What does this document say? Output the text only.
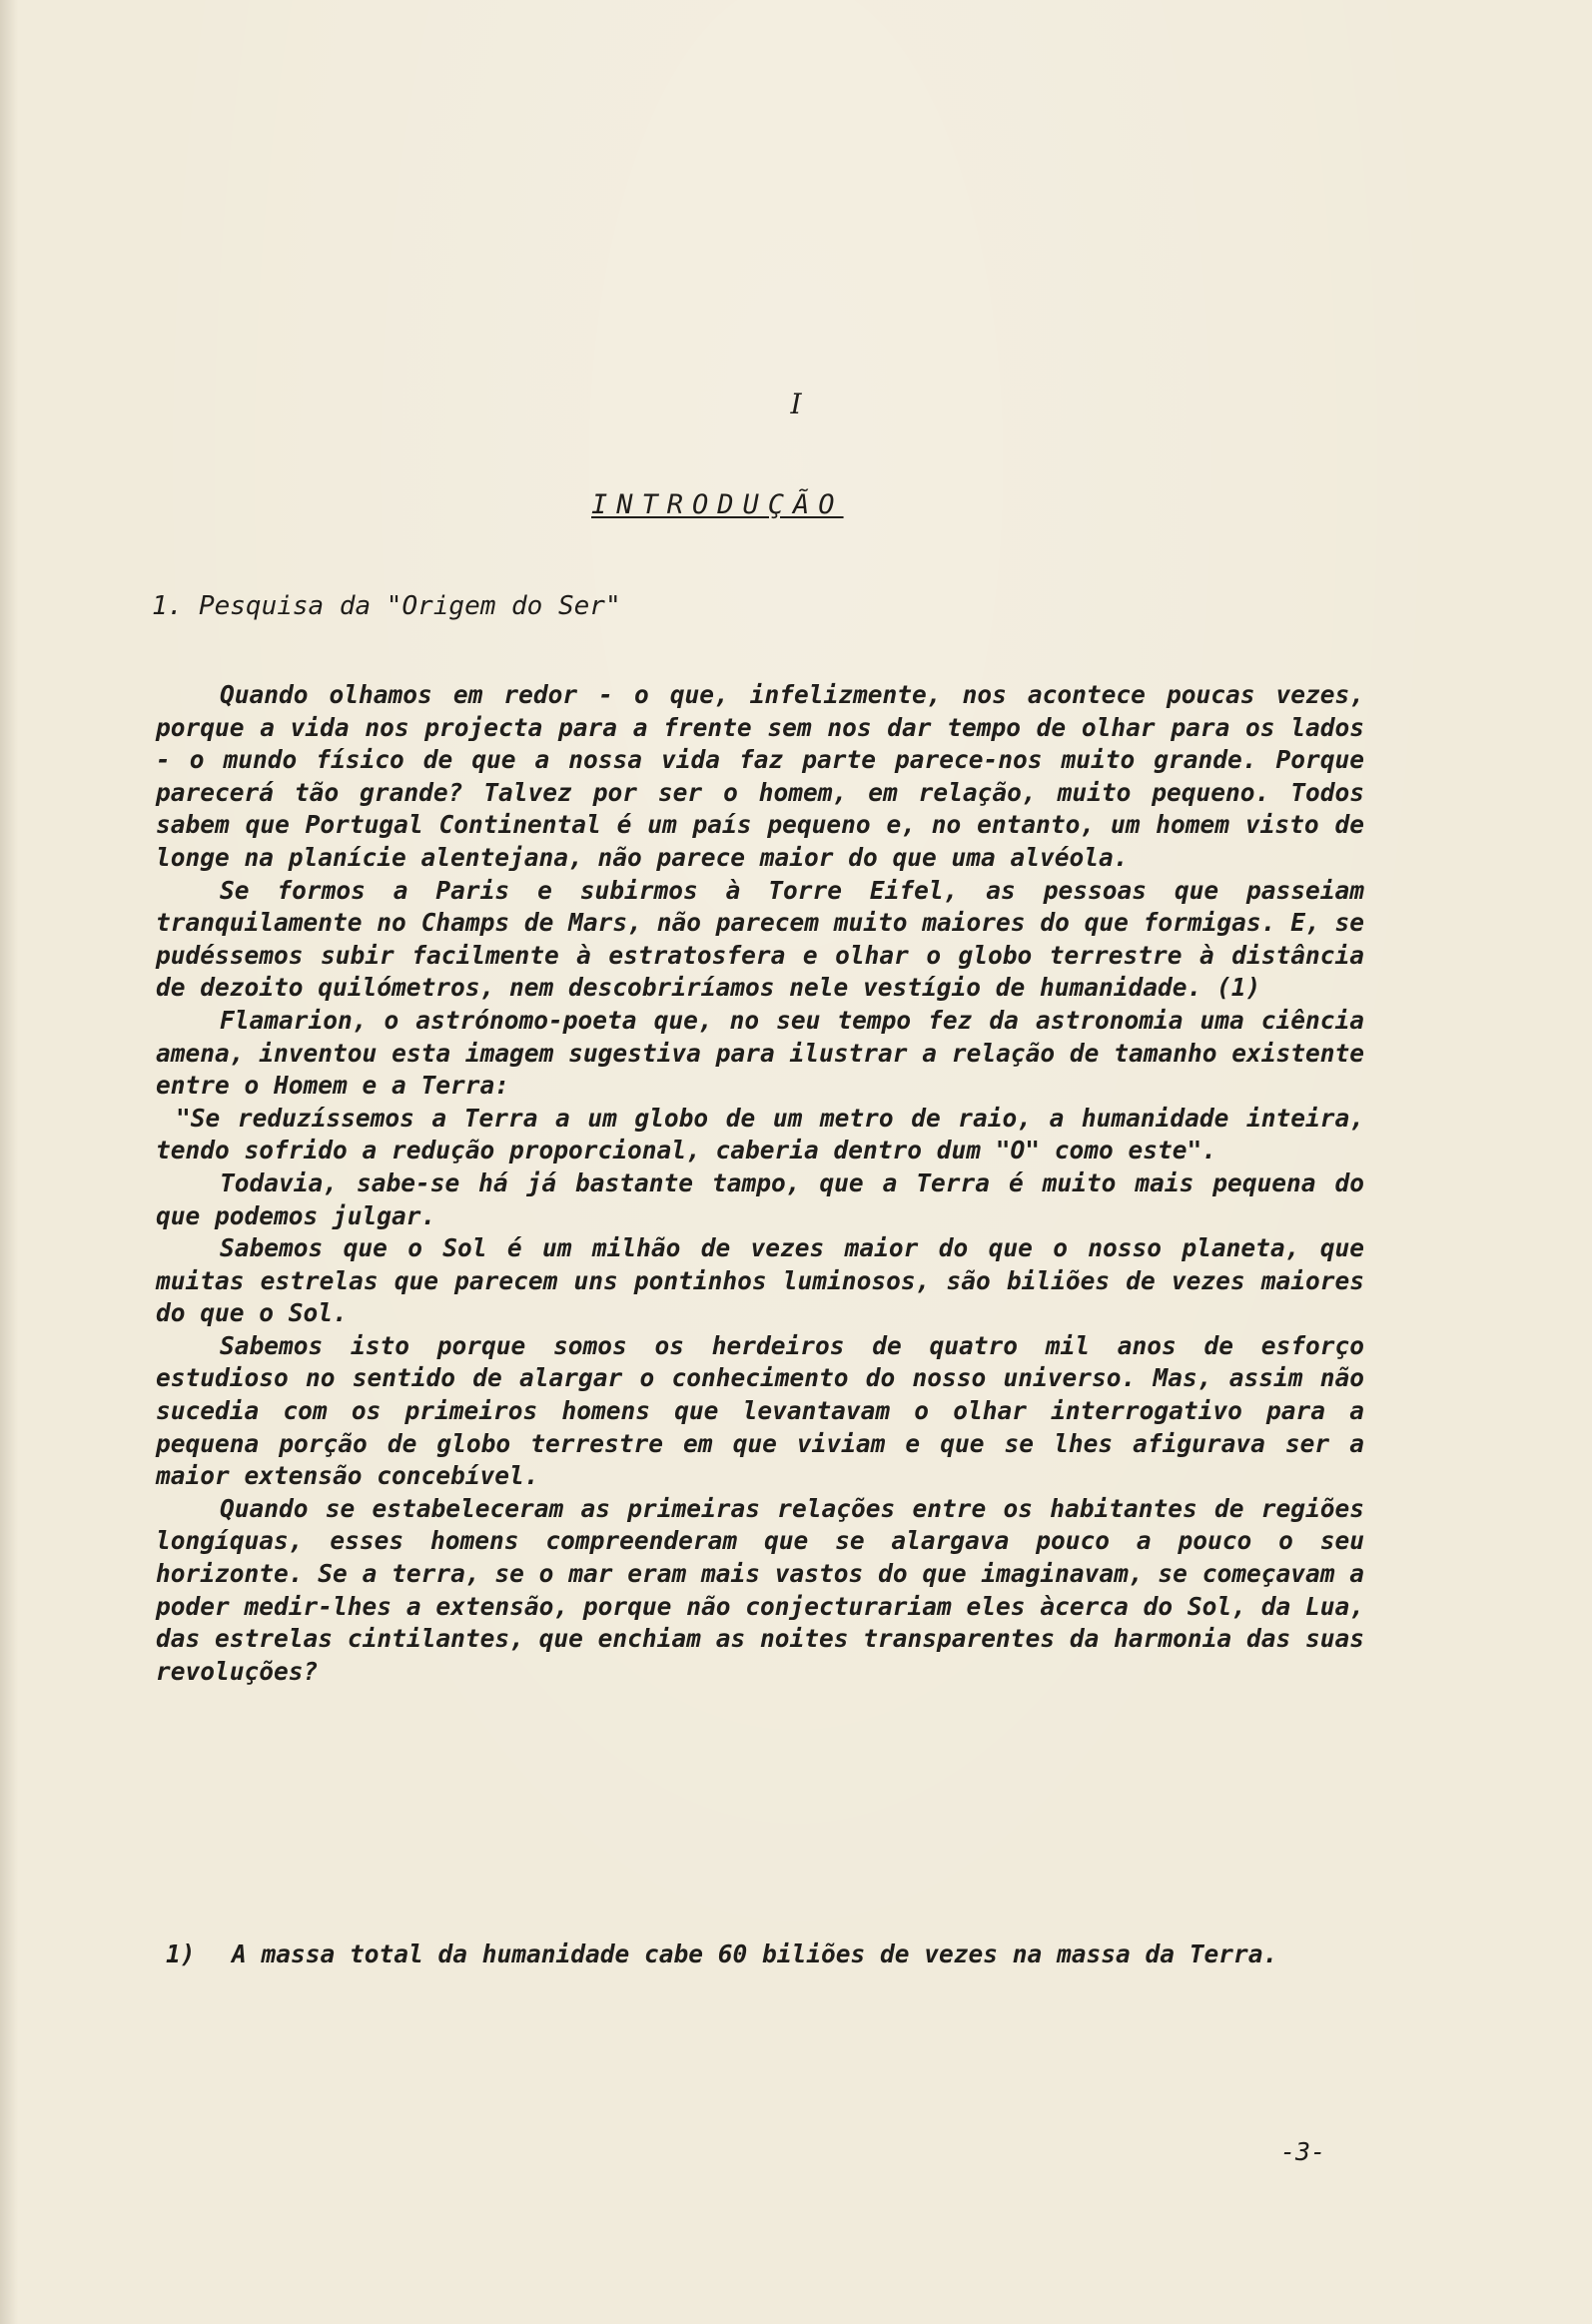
I
INTRODUÇÃO
1. Pesquisa da "Origem do Ser"

Quando olhamos em redor - o que, infelizmente, nos acontece poucas vezes, porque a vida nos projecta para a frente sem nos dar tempo de olhar para os lados - o mundo físico de que a nossa vida faz parte parece-nos muito grande. Porque parecerá tão grande? Talvez por ser o homem, em relação, muito pequeno. Todos sabem que Portugal Continental é um país pequeno e, no entanto, um homem visto de longe na planície alentejana, não parece maior do que uma alvéola.

Se formos a Paris e subirmos à Torre Eifel, as pessoas que passeiam tranquilamente no Champs de Mars, não parecem muito maiores do que formigas. E, se pudéssemos subir facilmente à estratosfera e olhar o globo terrestre à distância de dezoito quilómetros, nem descobriríamos nele vestígio de humanidade. (1)

Flamarion, o astrónomo-poeta que, no seu tempo fez da astronomia uma ciência amena, inventou esta imagem sugestiva para ilustrar a relação de tamanho existente entre o Homem e a Terra:

"Se reduzíssemos a Terra a um globo de um metro de raio, a humanidade inteira, tendo sofrido a redução proporcional, caberia dentro dum "O" como este".

Todavia, sabe-se há já bastante tampo, que a Terra é muito mais pequena do que podemos julgar.

Sabemos que o Sol é um milhão de vezes maior do que o nosso planeta, que muitas estrelas que parecem uns pontinhos luminosos, são biliões de vezes maiores do que o Sol.

Sabemos isto porque somos os herdeiros de quatro mil anos de esforço estudioso no sentido de alargar o conhecimento do nosso universo. Mas, assim não sucedia com os primeiros homens que levantavam o olhar interrogativo para a pequena porção de globo terrestre em que viviam e que se lhes afigurava ser a maior extensão concebível.

Quando se estabeleceram as primeiras relações entre os habitantes de regiões longíquas, esses homens compreenderam que se alargava pouco a pouco o seu horizonte. Se a terra, se o mar eram mais vastos do que imaginavam, se começavam a poder medir-lhes a extensão, porque não conjecturariam eles àcerca do Sol, da Lua, das estrelas cintilantes, que enchiam as noites transparentes da harmonia das suas revoluções?

1)	A massa total da humanidade cabe 60 biliões de vezes na massa da Terra.
-3-
